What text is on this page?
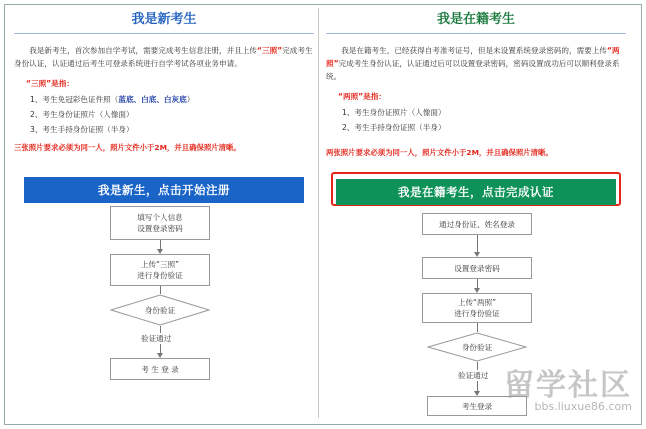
我是新考生
我是新考生，首次参加自学考试，需要完成考生信息注册，并且上传“三照”完成考生身份认证，认证通过后考生可登录系统进行自学考试各项业务申请。
“三照”是指：
1、考生免冠彩色证件照（蓝底、白底、白灰底）
2、考生身份证照片（人像面）
3、考生手持身份证照（半身）
三张照片要求必须为同一人，照片文件小于2M，并且确保照片清晰。
我是新生，点击开始注册
填写个人信息
设置登录密码
上传“三照”
进行身份验证
身份验证
验证通过
考 生 登 录
我是在籍考生
我是在籍考生，已经获得自考准考证号，但是未设置系统登录密码的，需要上传“两照”完成考生身份认证，认证通过后可以设置登录密码，密码设置成功后可以顺利登录系统。
“两照”是指：
1、考生身份证照片（人像面）
2、考生手持身份证照（半身）
两张照片要求必须为同一人，照片文件小于2M，并且确保照片清晰。
我是在籍考生，点击完成认证
通过身份证、姓名登录
设置登录密码
上传“两照”
进行身份验证
身份验证
验证通过
考生登录
留学社区
bbs.liuxue86.com
